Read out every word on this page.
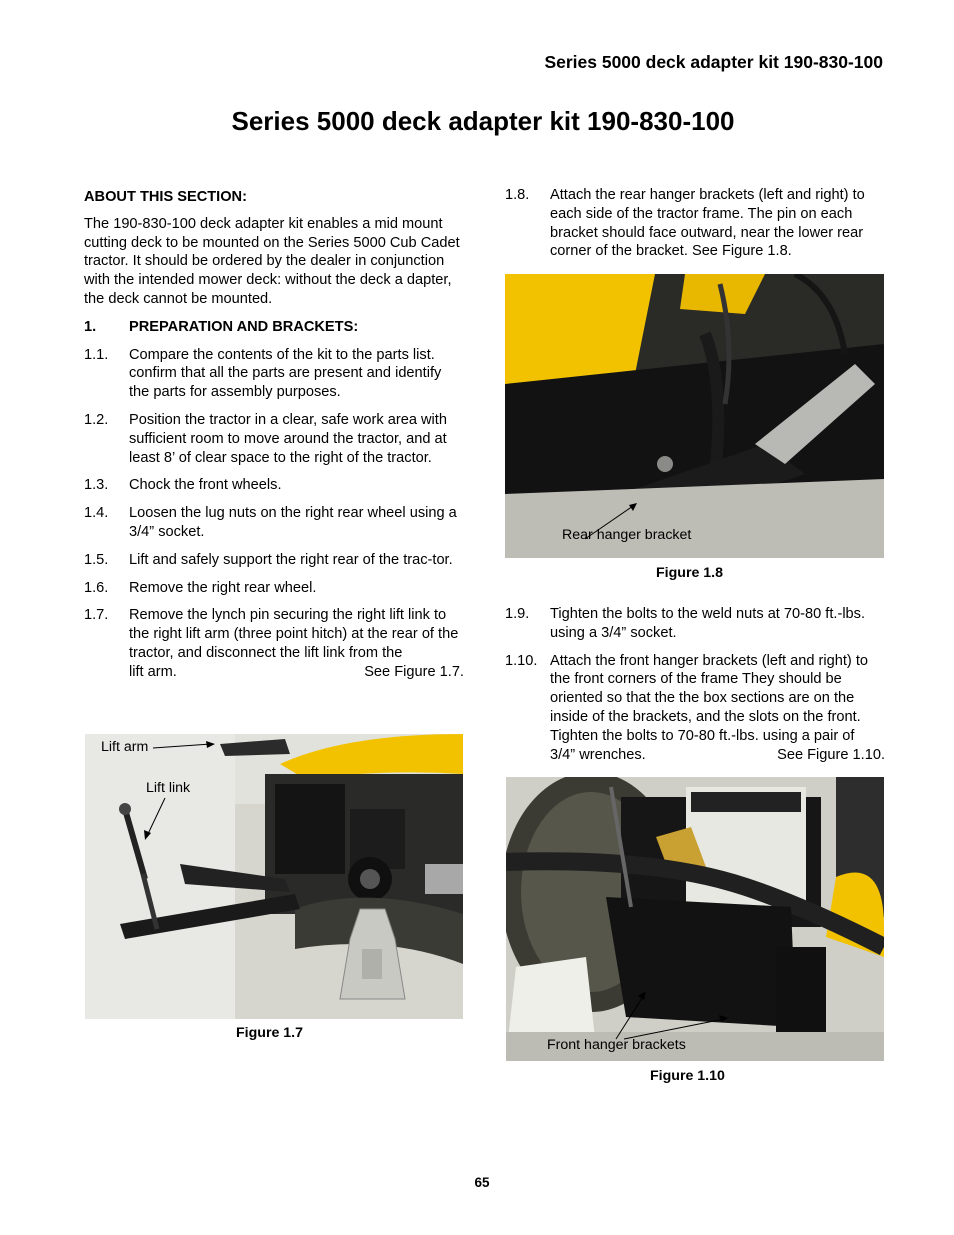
Series 5000 deck adapter kit 190-830-100
Series 5000 deck adapter kit 190-830-100

ABOUT THIS SECTION:

The 190-830-100 deck adapter kit enables a mid mount cutting deck to be mounted on the Series 5000 Cub Cadet tractor. It should be ordered by the dealer in conjunction with the intended mower deck: without the deck a dapter, the deck cannot be mounted.

1.	PREPARATION AND BRACKETS:
1.1.	Compare the contents of the kit to the parts list. confirm that all the parts are present and identify the parts for assembly purposes.
1.2.	Position the tractor in a clear, safe work area with sufficient room to move around the tractor, and at least 8’ of clear space to the right of the tractor.
1.3.	Chock the front wheels.
1.4.	Loosen the lug nuts on the right rear wheel using a 3/4” socket.
1.5.	Lift and safely support the right rear of the trac-tor.
1.6.	Remove the right rear wheel.
1.7.	Remove the lynch pin securing the right lift link to the right lift arm (three point hitch) at the rear of the tractor, and disconnect the lift link from the
lift arm.	See Figure 1.7.
Lift arm
Lift link
Figure 1.7
1.8.	Attach the rear hanger brackets (left and right) to each side of the tractor frame. The pin on each bracket should face outward, near the lower rear corner of the bracket. See Figure 1.8.
Rear hanger bracket
Figure 1.8
1.9.	Tighten the bolts to the weld nuts at 70-80 ft.-lbs. using a 3/4” socket.
1.10. Attach the front hanger brackets (left and right) to the front corners of the frame They should be oriented so that the the box sections are on the inside of the brackets, and the slots on the front. Tighten the bolts to 70-80 ft.-lbs. using a pair of
3/4” wrenches.	See Figure 1.10.
Front hanger brackets
Figure 1.10
65
